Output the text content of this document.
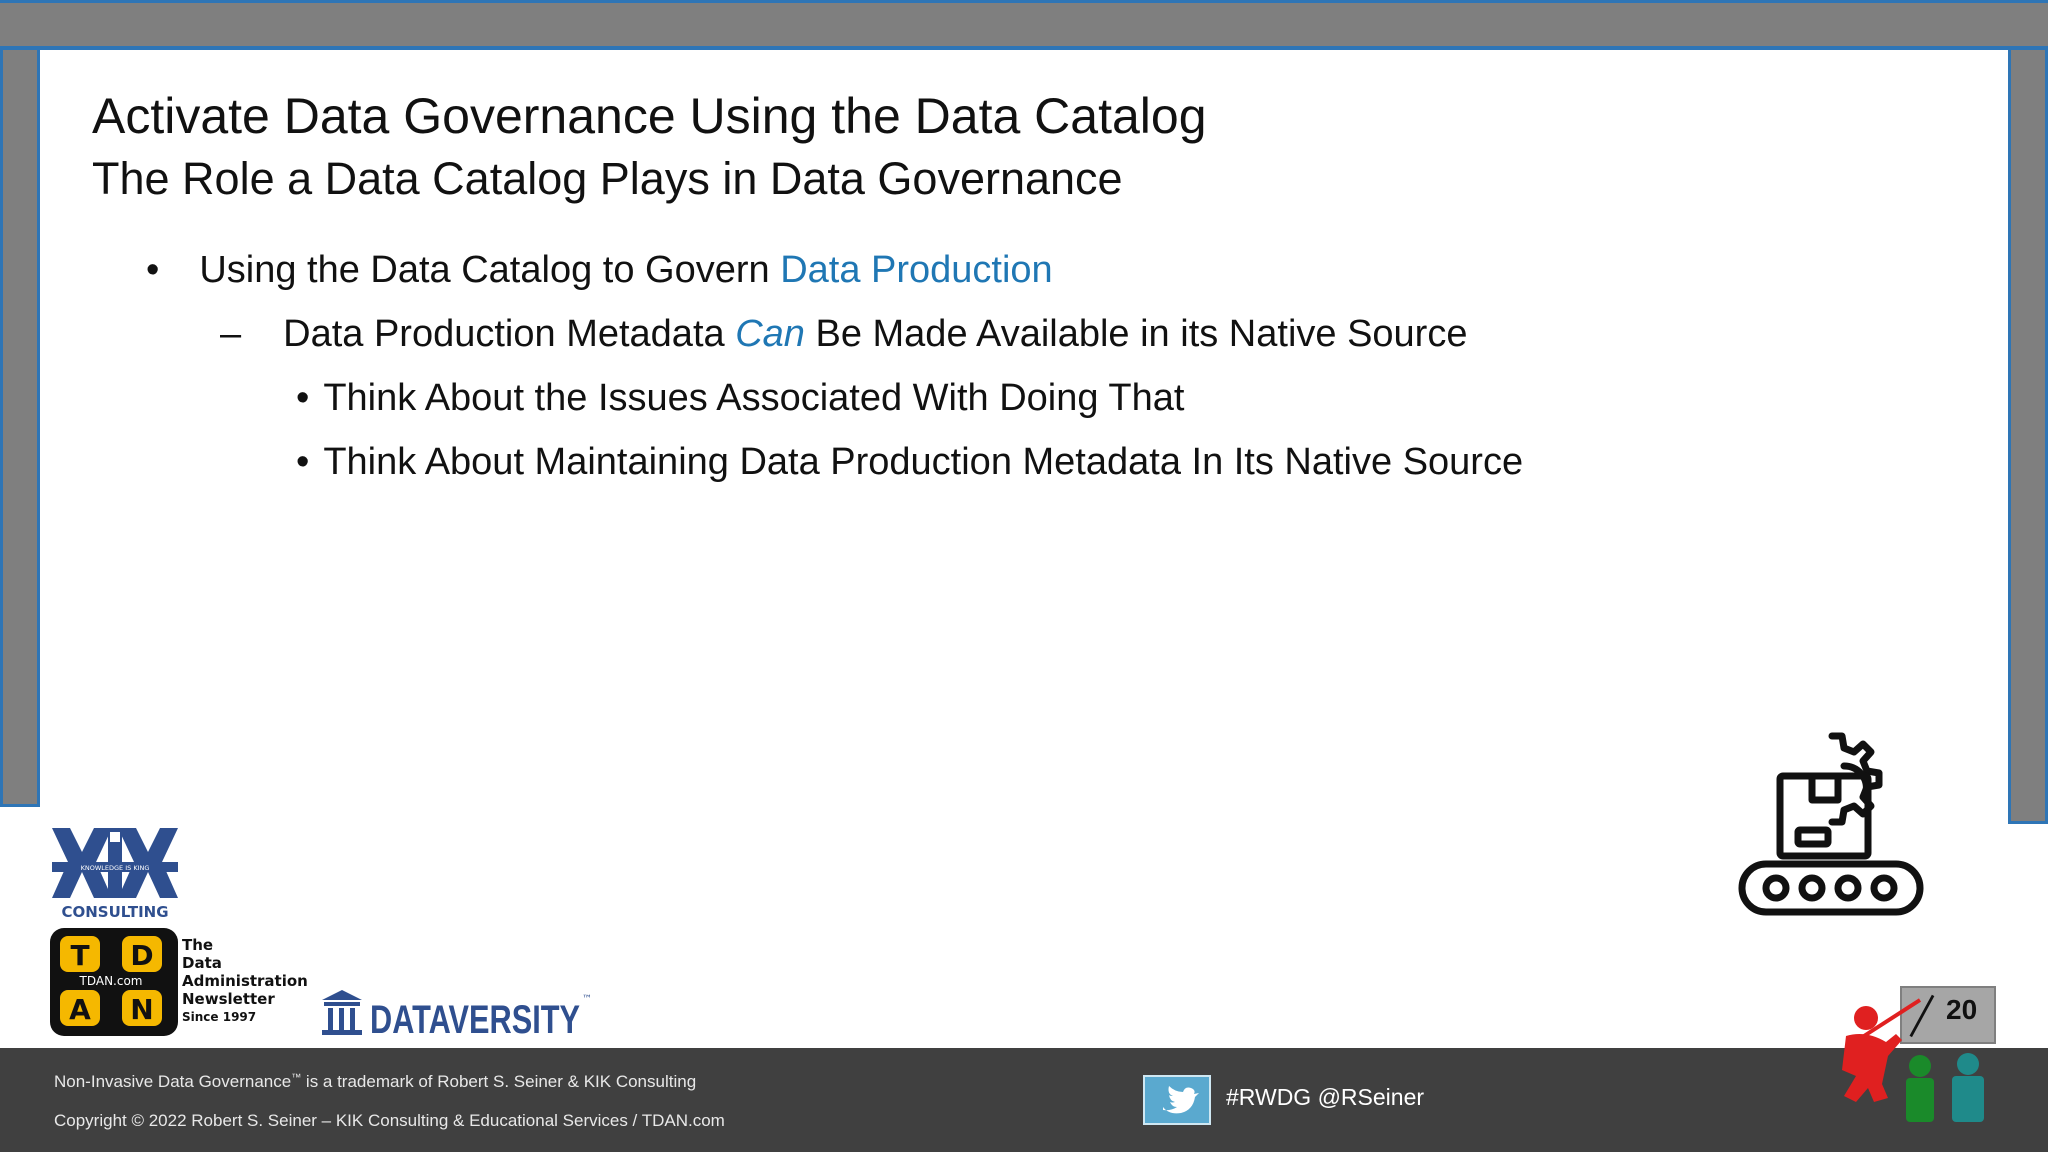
Activate Data Governance Using the Data Catalog
The Role a Data Catalog Plays in Data Governance
• Using the Data Catalog to Govern Data Production
– Data Production Metadata Can Be Made Available in its Native Source
• Think About the Issues Associated With Doing That
• Think About Maintaining Data Production Metadata In Its Native Source
KNOWLEDGE IS KING
CONSULTING
T D
A N
TDAN.com
The
Data
Administration
Newsletter
Since 1997	DATAVERSITY ™
Non-Invasive Data Governance™ is a trademark of Robert S. Seiner & KIK Consulting
Copyright © 2022 Robert S. Seiner – KIK Consulting & Educational Services / TDAN.com
#RWDG @RSeiner
20
